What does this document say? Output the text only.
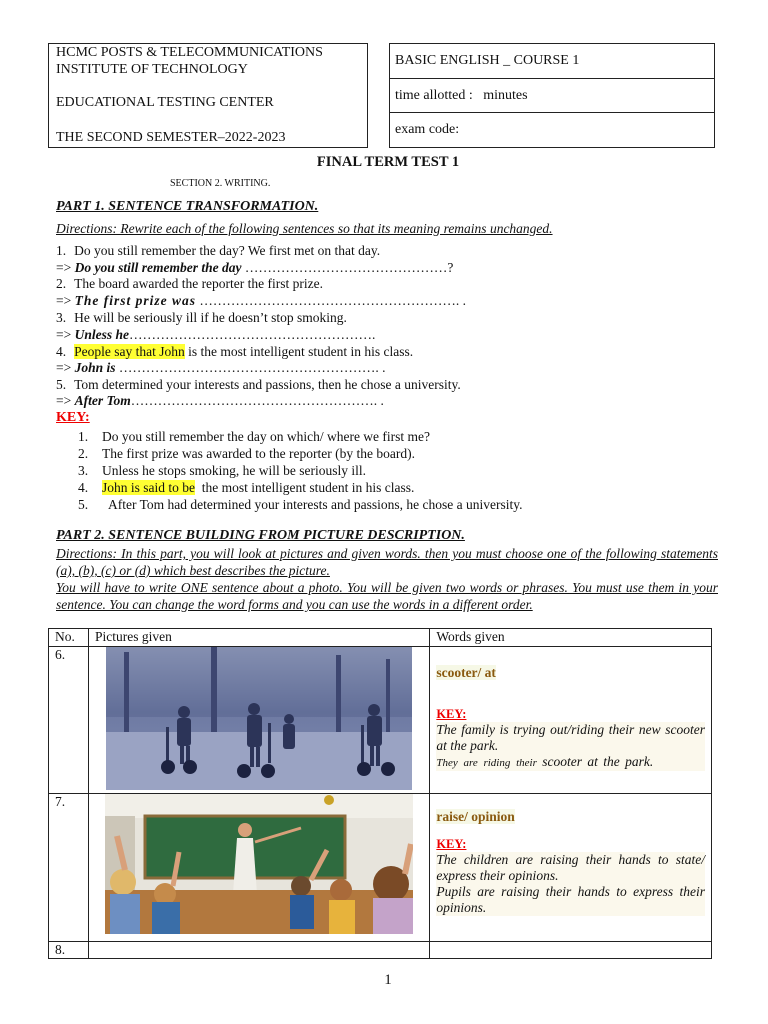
HCMC POSTS & TELECOMMUNICATIONS
INSTITUTE OF TECHNOLOGY
EDUCATIONAL TESTING CENTER
THE SECOND SEMESTER–2022-2023
BASIC ENGLISH _ COURSE 1
time allotted :   minutes
exam code:
FINAL TERM TEST 1
SECTION 2. WRITING.
PART 1. SENTENCE TRANSFORMATION.
Directions: Rewrite each of the following sentences so that its meaning remains unchanged.
1. Do you still remember the day? We first met on that day.
=> Do you still remember the day ………………………………………?
2. The board awarded the reporter the first prize.
=> The first prize was …………………………………………………. .
3. He will be seriously ill if he doesn’t stop smoking.
=> Unless he……………………………………………….
4. People say that John is the most intelligent student in his class.
=> John is …………………………………………………. .
5. Tom determined your interests and passions, then he chose a university.
=> After Tom………………………………………………. .
KEY:
1. Do you still remember the day on which/ where we first me?
2. The first prize was awarded to the reporter (by the board).
3. Unless he stops smoking, he will be seriously ill.
4. John is said to be  the most intelligent student in his class.
5.  After Tom had determined your interests and passions, he chose a university.
PART 2. SENTENCE BUILDING FROM PICTURE DESCRIPTION.
Directions: In this part, you will look at pictures and given words. then you must choose one of the following statements (a), (b), (c) or (d) which best describes the picture.
You will have to write ONE sentence about a photo. You will be given two words or phrases. You must use them in your sentence. You can change the word forms and you can use the words in a different order.
No.	Pictures given	Words given
6.		scooter/ at
KEY:
The family is trying out/riding their new scooter at the park.
They are riding their scooter at the park.

7.		raise/ opinion
KEY:
The children are raising their hands to state/ express their opinions.
Pupils are raising their hands to express their opinions.

8.		
1
